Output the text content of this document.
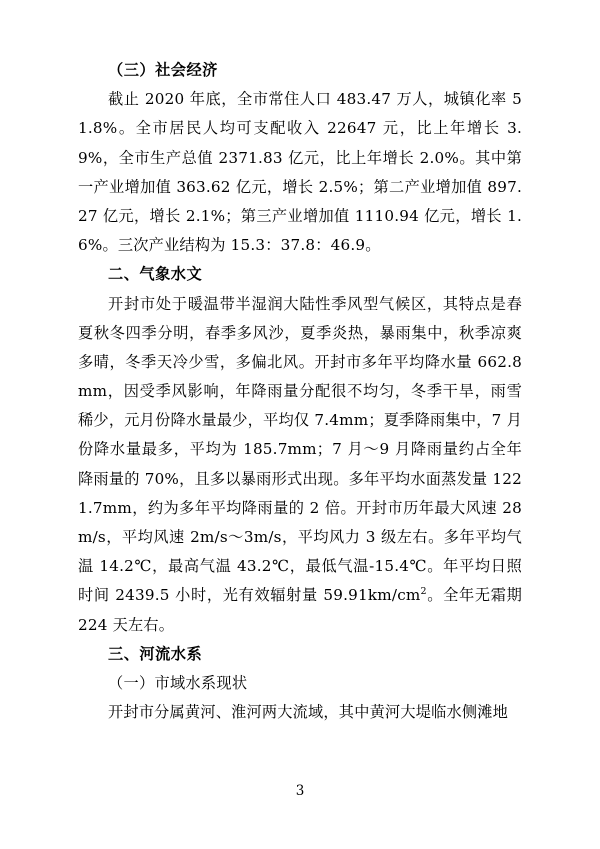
（三）社会经济

截止 2020 年底，全市常住人口 483.47 万人，城镇化率 51.8%。全市居民人均可支配收入 22647 元，比上年增长 3.9%，全市生产总值 2371.83 亿元，比上年增长 2.0%。其中第一产业增加值 363.62 亿元，增长 2.5%；第二产业增加值 897.27 亿元，增长 2.1%；第三产业增加值 1110.94 亿元，增长 1.6%。三次产业结构为 15.3：37.8：46.9。

二、气象水文

开封市处于暖温带半湿润大陆性季风型气候区，其特点是春夏秋冬四季分明，春季多风沙，夏季炎热，暴雨集中，秋季凉爽多晴，冬季天冷少雪，多偏北风。开封市多年平均降水量 662.8mm，因受季风影响，年降雨量分配很不均匀，冬季干旱，雨雪稀少，元月份降水量最少，平均仅 7.4mm；夏季降雨集中，7 月份降水量最多，平均为 185.7mm；7 月～9 月降雨量约占全年降雨量的 70%，且多以暴雨形式出现。多年平均水面蒸发量 1221.7mm，约为多年平均降雨量的 2 倍。开封市历年最大风速 28m/s，平均风速 2m/s～3m/s，平均风力 3 级左右。多年平均气温 14.2℃，最高气温 43.2℃，最低气温-15.4℃。年平均日照时间 2439.5 小时，光有效辐射量 $59.91km/cm^2$。全年无霜期 224 天左右。

三、河流水系

（一）市域水系现状

开封市分属黄河、淮河两大流域，其中黄河大堤临水侧滩地

3
